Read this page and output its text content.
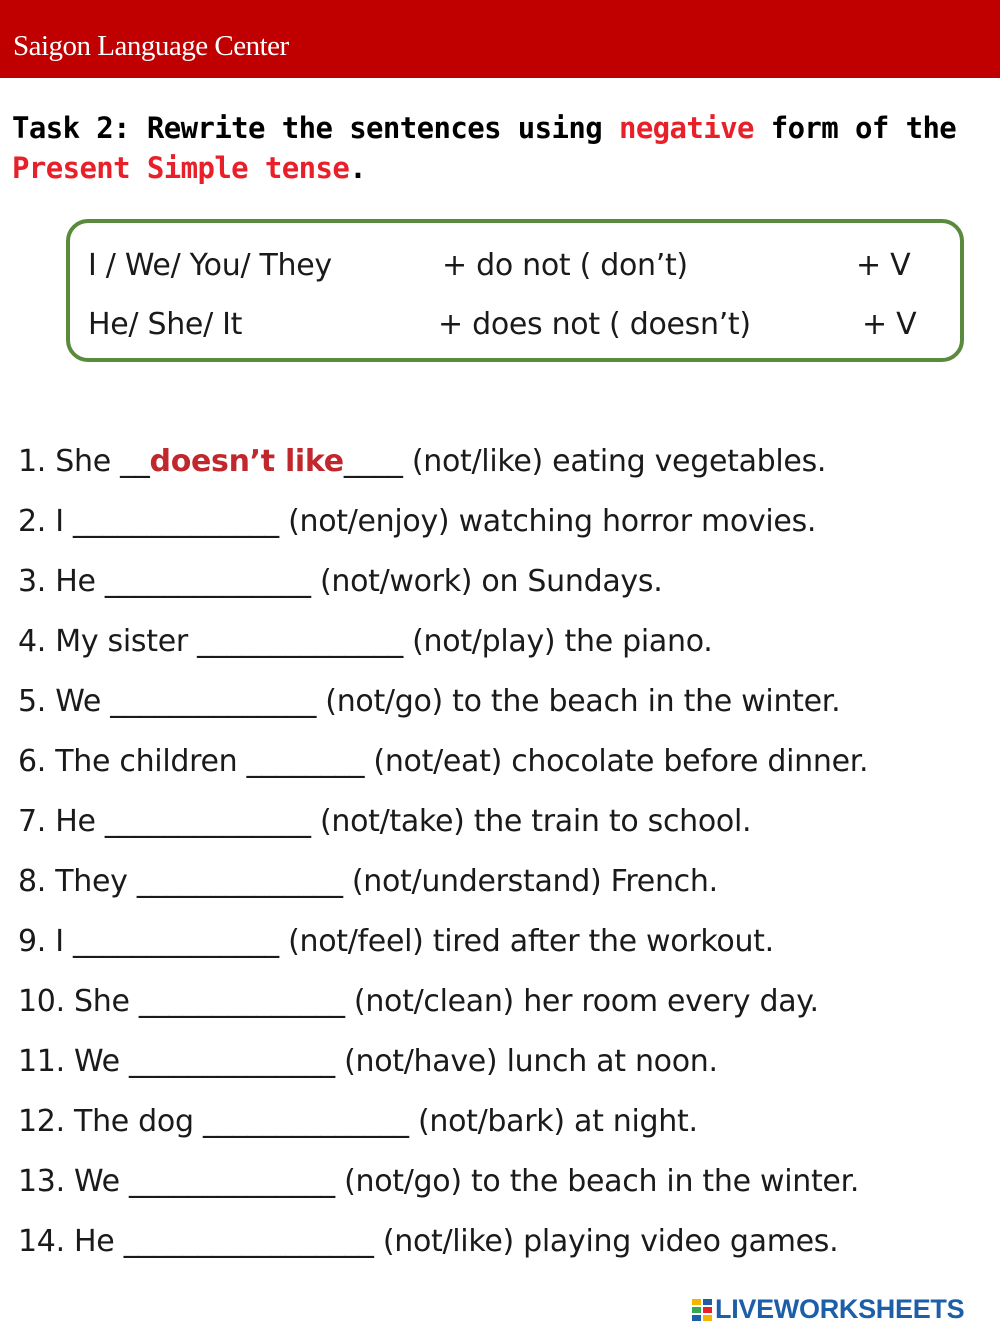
Saigon Language Center
Task 2: Rewrite the sentences using negative form of the Present Simple tense.
I / We/ You/ They	+ do not ( don’t)	+ V
He/ She/ It	+ does not ( doesn’t)	+ V
1. She __doesn’t like____ (not/like) eating vegetables.
2. I ______________ (not/enjoy) watching horror movies.
3. He ______________ (not/work) on Sundays.
4. My sister ______________ (not/play) the piano.
5. We ______________ (not/go) to the beach in the winter.
6. The children ________ (not/eat) chocolate before dinner.
7. He ______________ (not/take) the train to school.
8. They ______________ (not/understand) French.
9. I ______________ (not/feel) tired after the workout.
10. She ______________ (not/clean) her room every day.
11. We ______________ (not/have) lunch at noon.
12. The dog ______________ (not/bark) at night.
13. We ______________ (not/go) to the beach in the winter.
14. He _________________ (not/like) playing video games.
LIVEWORKSHEETS
